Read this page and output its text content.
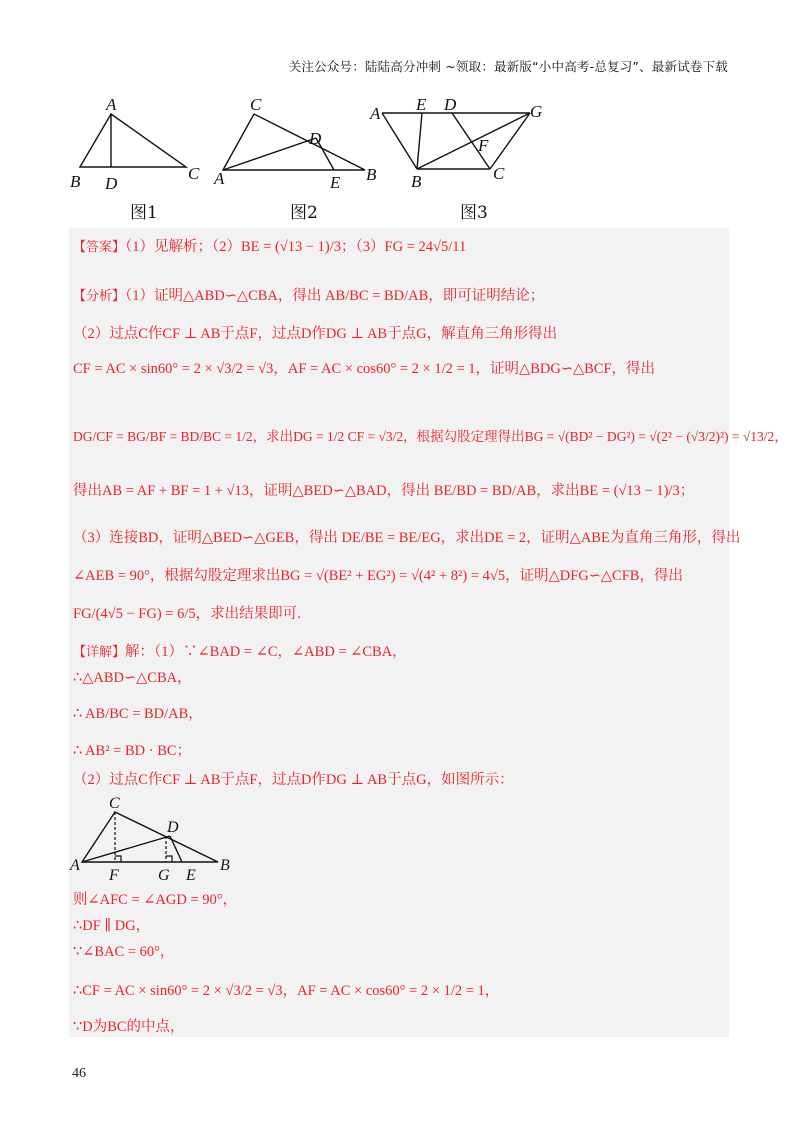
关注公众号：陆陆高分冲刺 ~领取：最新版“小中高考-总复习”、最新试卷下载
A
B D
C
C
D
A	E B
E D
A	G
F
B	C
图1	图2	图3
【答案】（1）见解析；（2）BE = (√13 − 1)/3；（3）FG = 24√5/11
【分析】（1）证明△ABD∽△CBA，得出 AB/BC = BD/AB，即可证明结论；
（2）过点C作CF ⊥ AB于点F，过点D作DG ⊥ AB于点G，解直角三角形得出
CF = AC × sin60° = 2 × √3/2 = √3，AF = AC × cos60° = 2 × 1/2 = 1，证明△BDG∽△BCF，得出
DG/CF = BG/BF = BD/BC = 1/2，求出DG = 1/2 CF = √3/2，根据勾股定理得出BG = √(BD² − DG²) = √(2² − (√3/2)²) = √13/2，
得出AB = AF + BF = 1 + √13，证明△BED∽△BAD，得出 BE/BD = BD/AB，求出BE = (√13 − 1)/3；
（3）连接BD，证明△BED∽△GEB，得出 DE/BE = BE/EG，求出DE = 2，证明△ABE为直角三角形，得出
∠AEB = 90°，根据勾股定理求出BG = √(BE² + EG²) = √(4² + 8²) = 4√5，证明△DFG∽△CFB，得出
FG/(4√5 − FG) = 6/5，求出结果即可.
【详解】解：（1）∵∠BAD = ∠C，∠ABD = ∠CBA，
∴△ABD∽△CBA，
∴ AB/BC = BD/AB，
∴ AB² = BD · BC；
（2）过点C作CF ⊥ AB于点F，过点D作DG ⊥ AB于点G，如图所示：
C
D
A
F G E
B
则∠AFC = ∠AGD = 90°，
∴DF ∥ DG，
∵∠BAC = 60°，
∴CF = AC × sin60° = 2 × √3/2 = √3，AF = AC × cos60° = 2 × 1/2 = 1，
∵D为BC的中点，
46
